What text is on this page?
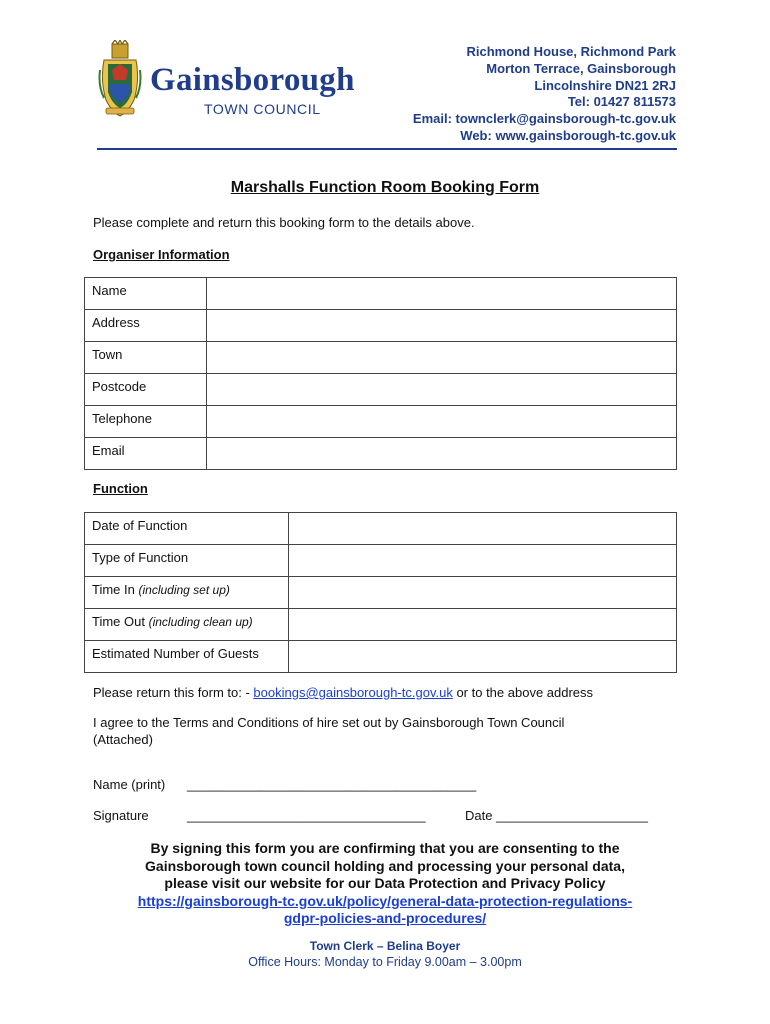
Gainsborough
TOWN COUNCIL
Richmond House, Richmond Park
Morton Terrace, Gainsborough
Lincolnshire DN21 2RJ
Tel: 01427 811573
Email: townclerk@gainsborough-tc.gov.uk
Web: www.gainsborough-tc.gov.uk
Marshalls Function Room Booking Form
Please complete and return this booking form to the details above.
Organiser Information
Name	
Address	
Town	
Postcode	
Telephone	
Email	
Function
Date of Function	
Type of Function	
Time In (including set up)	
Time Out (including clean up)	
Estimated Number of Guests	
Please return this form to: - bookings@gainsborough-tc.gov.uk or to the above address
I agree to the Terms and Conditions of hire set out by Gainsborough Town Council
(Attached)
Name (print) ________________________________________
Signature	_________________________________	Date _____________________
By signing this form you are confirming that you are consenting to the
Gainsborough town council holding and processing your personal data,
please visit our website for our Data Protection and Privacy Policy
https://gainsborough-tc.gov.uk/policy/general-data-protection-regulations-
gdpr-policies-and-procedures/
Town Clerk – Belina Boyer
Office Hours: Monday to Friday 9.00am – 3.00pm
